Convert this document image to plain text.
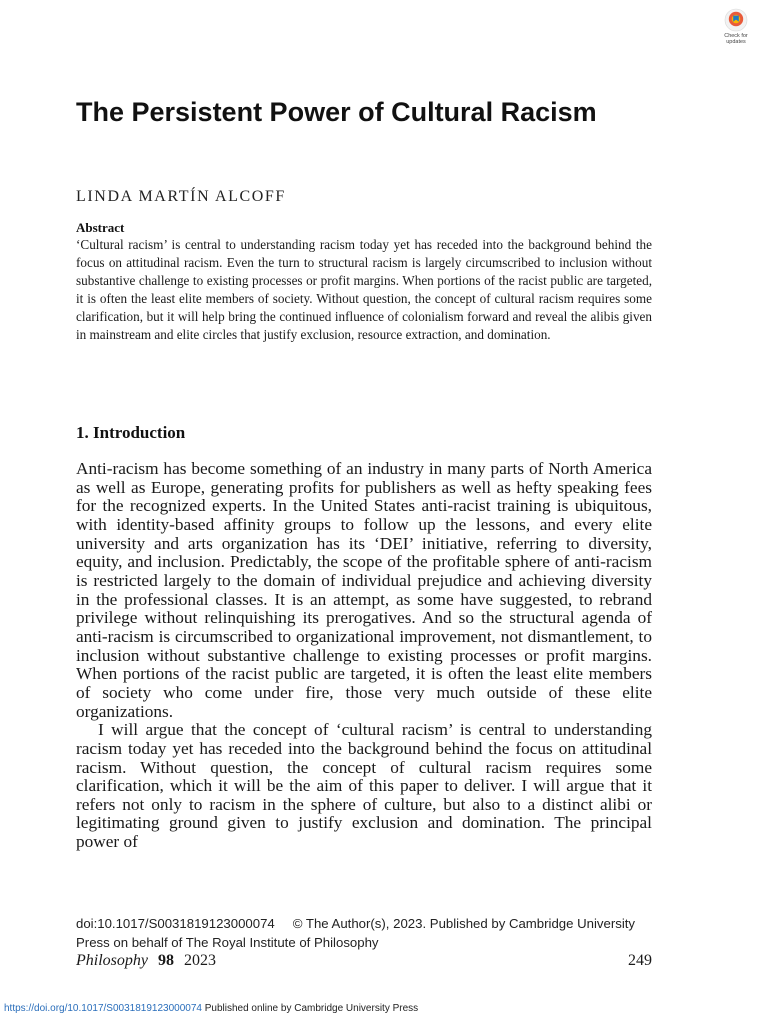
Check for updates
The Persistent Power of Cultural Racism
LINDA MARTÍN ALCOFF
Abstract

‘Cultural racism’ is central to understanding racism today yet has receded into the background behind the focus on attitudinal racism. Even the turn to structural racism is largely circumscribed to inclusion without substantive challenge to existing processes or profit margins. When portions of the racist public are targeted, it is often the least elite members of society. Without question, the concept of cultural racism requires some clarification, but it will help bring the continued influence of colonialism forward and reveal the alibis given in mainstream and elite circles that justify exclusion, resource extraction, and domination.

1. Introduction

Anti-racism has become something of an industry in many parts of North America as well as Europe, generating profits for publishers as well as hefty speaking fees for the recognized experts. In the United States anti-racist training is ubiquitous, with identity-based affinity groups to follow up the lessons, and every elite university and arts organization has its ‘DEI’ initiative, referring to diversity, equity, and inclusion. Predictably, the scope of the profitable sphere of anti-racism is restricted largely to the domain of individual prejudice and achieving diversity in the professional classes. It is an attempt, as some have suggested, to rebrand privilege without relinquishing its prerogatives. And so the structural agenda of anti-racism is circumscribed to organizational improvement, not dismantlement, to inclusion without substantive challenge to existing processes or profit margins. When portions of the racist public are targeted, it is often the least elite members of society who come under fire, those very much outside of these elite organizations.

I will argue that the concept of ‘cultural racism’ is central to understanding racism today yet has receded into the background behind the focus on attitudinal racism. Without question, the concept of cultural racism requires some clarification, which it will be the aim of this paper to deliver. I will argue that it refers not only to racism in the sphere of culture, but also to a distinct alibi or legitimating ground given to justify exclusion and domination. The principal power of

doi:10.1017/S0031819123000074 © The Author(s), 2023. Published by Cambridge University Press on behalf of The Royal Institute of Philosophy
Philosophy 98 2023	249
https://doi.org/10.1017/S0031819123000074 Published online by Cambridge University Press
